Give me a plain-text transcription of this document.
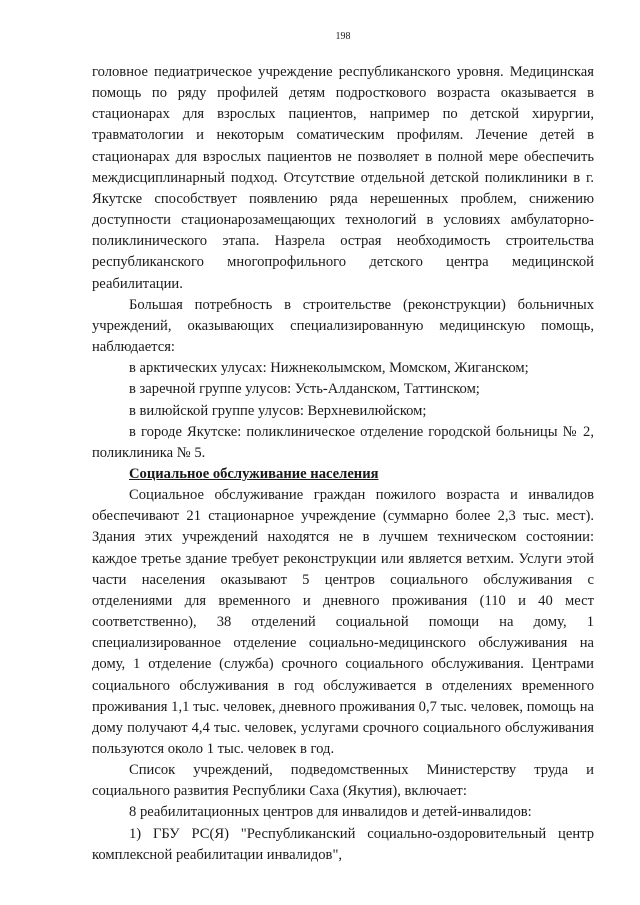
198

головное педиатрическое учреждение республиканского уровня. Медицинская помощь по ряду профилей детям подросткового возраста оказывается в стационарах для взрослых пациентов, например по детской хирургии, травматологии и некоторым соматическим профилям. Лечение детей в стационарах для взрослых пациентов не позволяет в полной мере обеспечить междисциплинарный подход. Отсутствие отдельной детской поликлиники в г. Якутске способствует появлению ряда нерешенных проблем, снижению доступности стационарозамещающих технологий в условиях амбулаторно-поликлинического этапа. Назрела острая необходимость строительства республиканского многопрофильного детского центра медицинской реабилитации.

Большая потребность в строительстве (реконструкции) больничных учреждений, оказывающих специализированную медицинскую помощь, наблюдается:

в арктических улусах: Нижнеколымском, Момском, Жиганском;

в заречной группе улусов: Усть-Алданском, Таттинском;

в вилюйской группе улусов: Верхневилюйском;

в городе Якутске: поликлиническое отделение городской больницы № 2, поликлиника № 5.

Социальное обслуживание населения

Социальное обслуживание граждан пожилого возраста и инвалидов обеспечивают 21 стационарное учреждение (суммарно более 2,3 тыс. мест). Здания этих учреждений находятся не в лучшем техническом состоянии: каждое третье здание требует реконструкции или является ветхим. Услуги этой части населения оказывают 5 центров социального обслуживания с отделениями для временного и дневного проживания (110 и 40 мест соответственно), 38 отделений социальной помощи на дому, 1 специализированное отделение социально-медицинского обслуживания на дому, 1 отделение (служба) срочного социального обслуживания. Центрами социального обслуживания в год обслуживается в отделениях временного проживания 1,1 тыс. человек, дневного проживания 0,7 тыс. человек, помощь на дому получают 4,4 тыс. человек, услугами срочного социального обслуживания пользуются около 1 тыс. человек в год.

Список учреждений, подведомственных Министерству труда и социального развития Республики Саха (Якутия), включает:

8 реабилитационных центров для инвалидов и детей-инвалидов:

1) ГБУ РС(Я) "Республиканский социально-оздоровительный центр комплексной реабилитации инвалидов",
